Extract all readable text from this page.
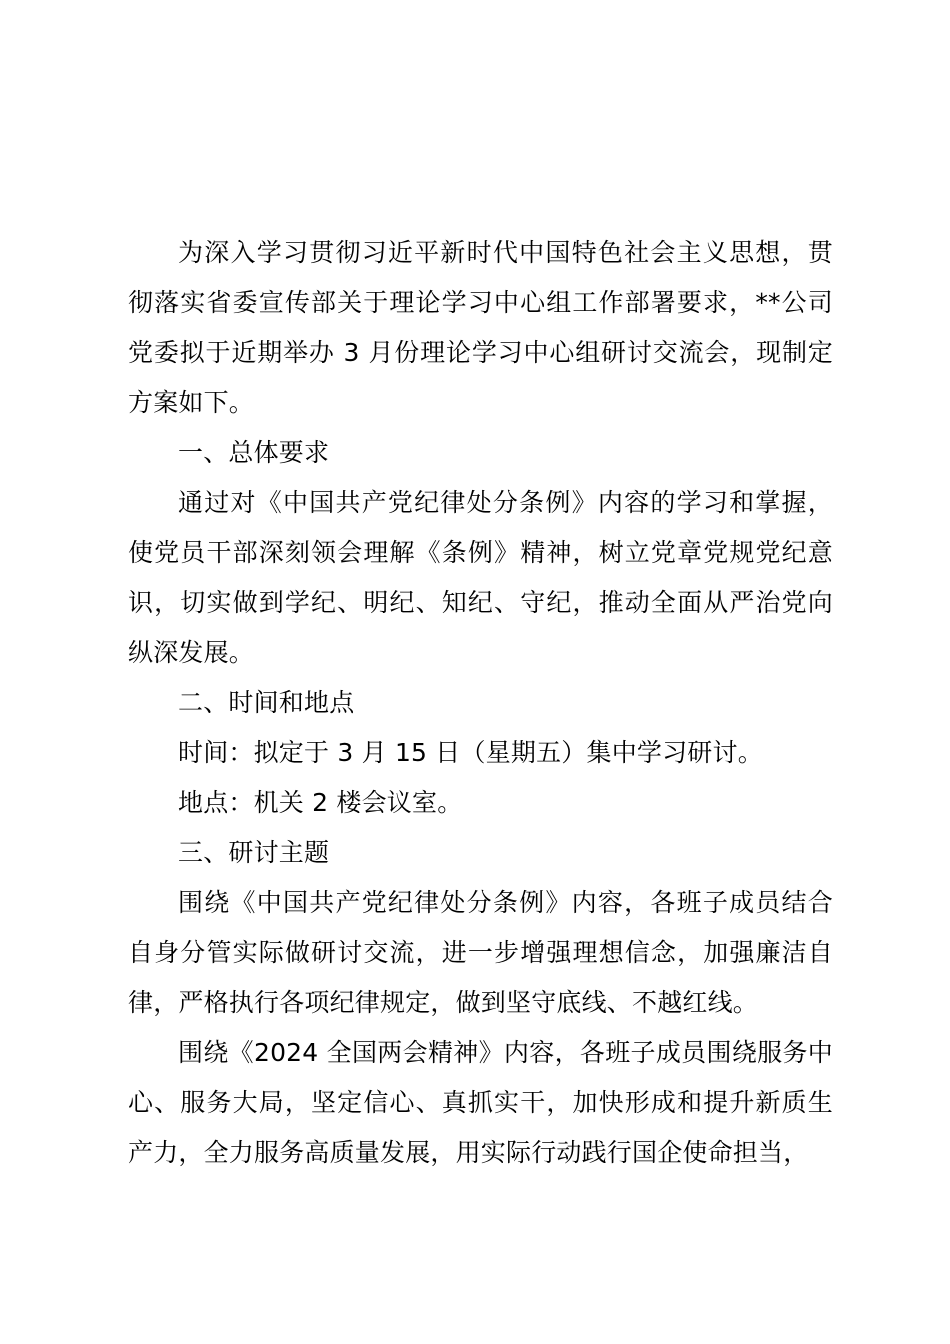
为深入学习贯彻习近平新时代中国特色社会主义思想，贯彻落实省委宣传部关于理论学习中心组工作部署要求，**公司党委拟于近期举办 3 月份理论学习中心组研讨交流会，现制定方案如下。

一、总体要求

通过对《中国共产党纪律处分条例》内容的学习和掌握，使党员干部深刻领会理解《条例》精神，树立党章党规党纪意识，切实做到学纪、明纪、知纪、守纪，推动全面从严治党向纵深发展。

二、时间和地点

时间：拟定于 3 月 15 日（星期五）集中学习研讨。

地点：机关 2 楼会议室。

三、研讨主题

围绕《中国共产党纪律处分条例》内容，各班子成员结合自身分管实际做研讨交流，进一步增强理想信念，加强廉洁自律，严格执行各项纪律规定，做到坚守底线、不越红线。

围绕《2024 全国两会精神》内容，各班子成员围绕服务中心、服务大局，坚定信心、真抓实干，加快形成和提升新质生产力，全力服务高质量发展，用实际行动践行国企使命担当，
